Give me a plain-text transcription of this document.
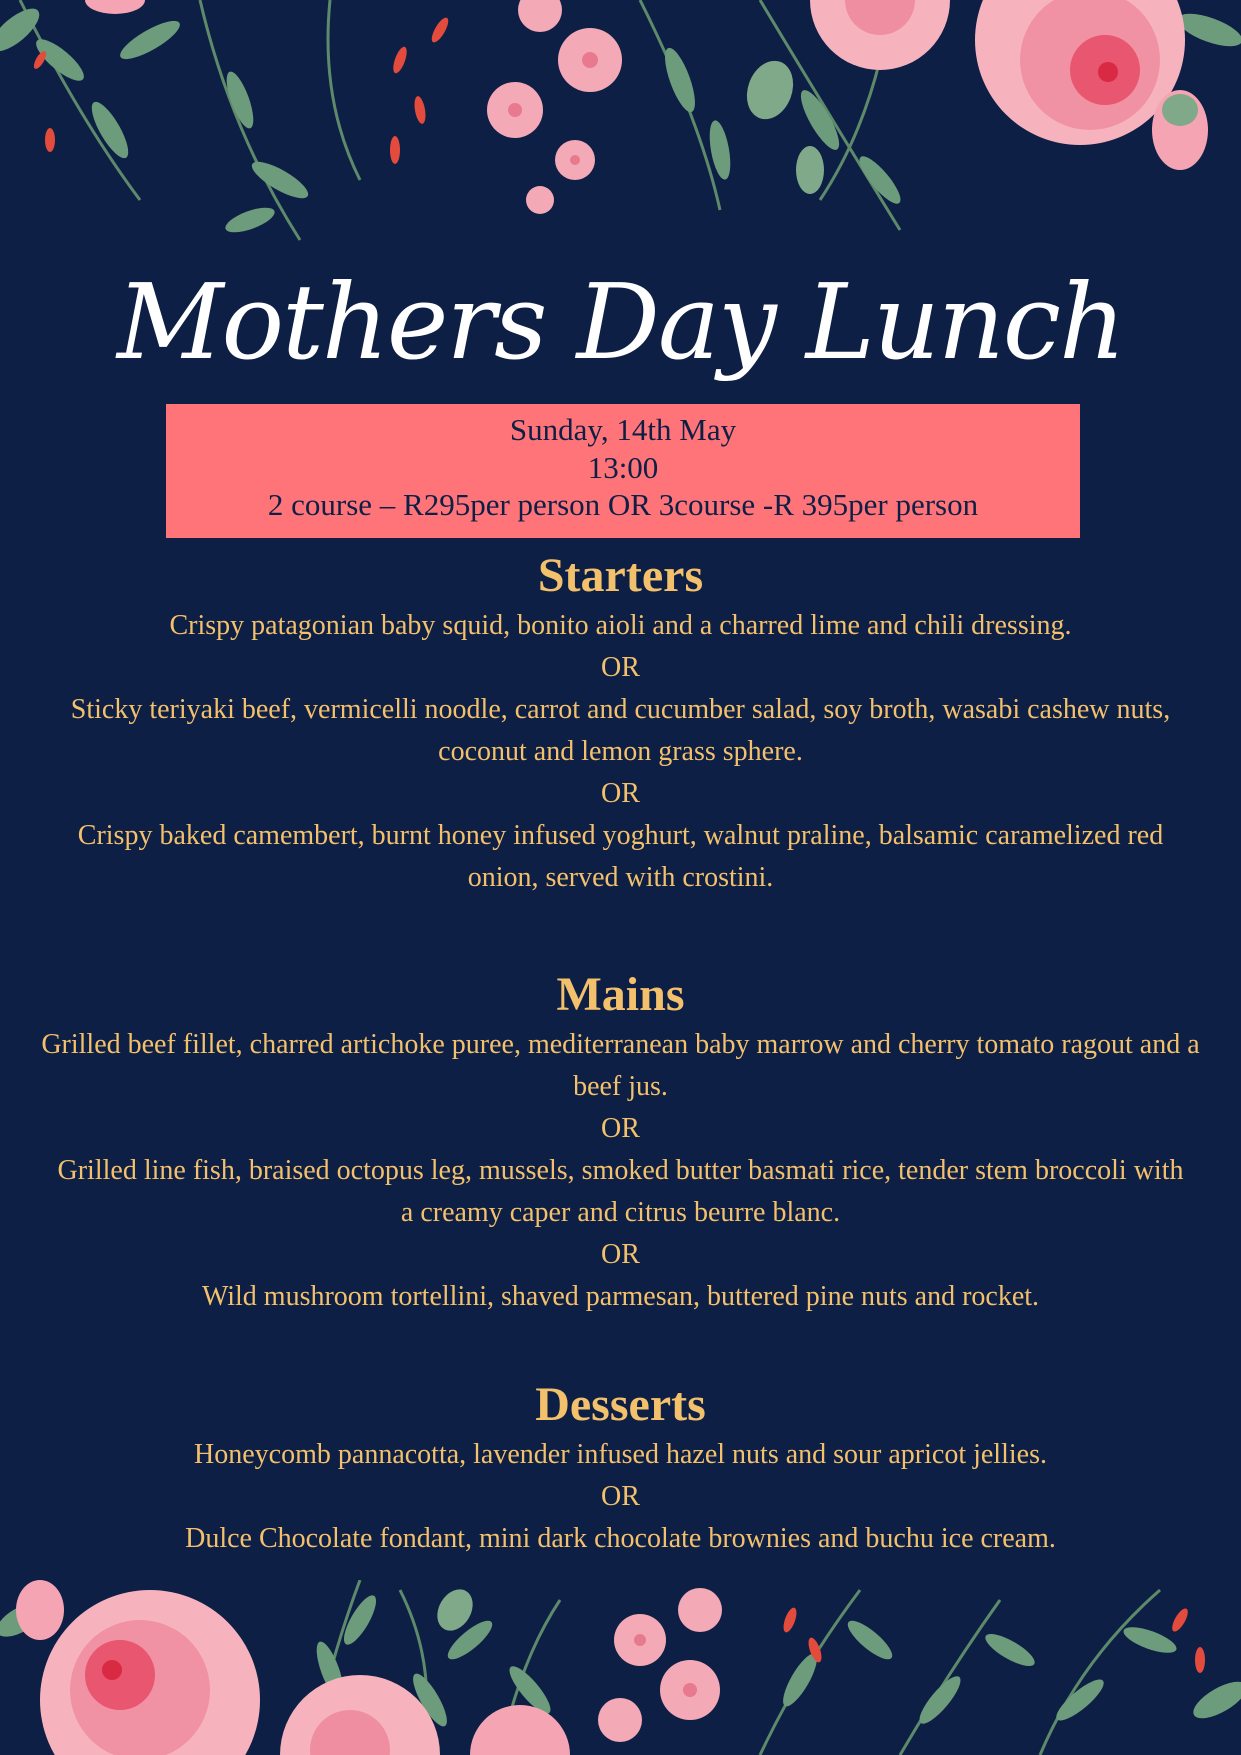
Mothers Day Lunch
Sunday, 14th May
13:00
2 course – R295per person OR 3course -R 395per person
Starters

Crispy patagonian baby squid, bonito aioli and a charred lime and chili dressing.

OR

Sticky teriyaki beef, vermicelli noodle, carrot and cucumber salad, soy broth, wasabi cashew nuts, coconut and lemon grass sphere.

OR

Crispy baked camembert, burnt honey infused yoghurt, walnut praline, balsamic caramelized red onion, served with crostini.

Mains

Grilled beef fillet, charred artichoke puree, mediterranean baby marrow and cherry tomato ragout and a beef jus.

OR

Grilled line fish, braised octopus leg, mussels, smoked butter basmati rice, tender stem broccoli with a creamy caper and citrus beurre blanc.

OR

Wild mushroom tortellini, shaved parmesan, buttered pine nuts and rocket.

Desserts

Honeycomb pannacotta, lavender infused hazel nuts and sour apricot jellies.

OR

Dulce Chocolate fondant, mini dark chocolate brownies and buchu ice cream.
